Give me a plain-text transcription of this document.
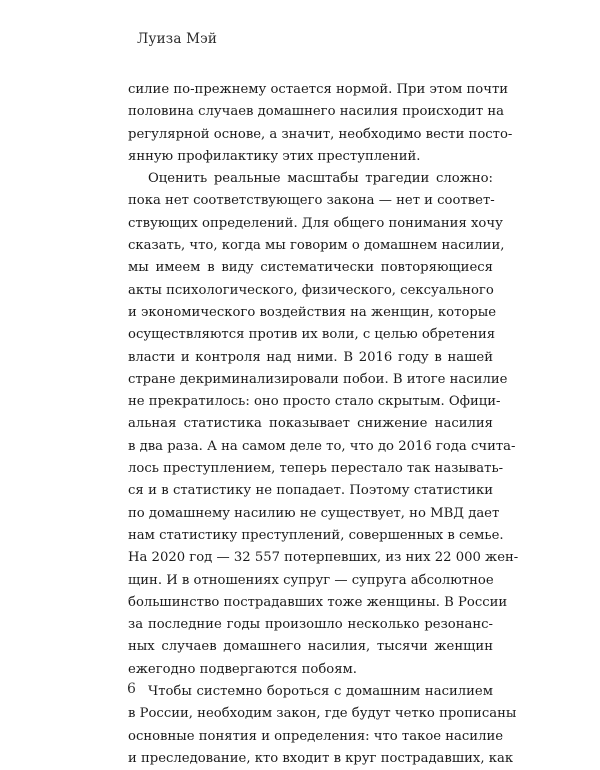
Луиза Мэй

силие по-прежнему остается нормой. При этом почти
половина случаев домашнего насилия происходит на
регулярной основе, а значит, необходимо вести посто-
янную профилактику этих преступлений.
Оценить реальные масштабы трагедии сложно:
пока нет соответствующего закона — нет и соответ-
ствующих определений. Для общего понимания хочу
сказать, что, когда мы говорим о домашнем насилии,
мы имеем в виду систематически повторяющиеся
акты психологического, физического, сексуального
и экономического воздействия на женщин, которые
осуществляются против их воли, с целью обретения
власти и контроля над ними. В 2016 году в нашей
стране декриминализировали побои. В итоге насилие
не прекратилось: оно просто стало скрытым. Офици-
альная статистика показывает снижение насилия
в два раза. А на самом деле то, что до 2016 года счита-
лось преступлением, теперь перестало так называть-
ся и в статистику не попадает. Поэтому статистики
по домашнему насилию не существует, но МВД дает
нам статистику преступлений, совершенных в семье.
На 2020 год — 32 557 потерпевших, из них 22 000 жен-
щин. И в отношениях супруг — супруга абсолютное
большинство пострадавших тоже женщины. В России
за последние годы произошло несколько резонанс-
ных случаев домашнего насилия, тысячи женщин
ежегодно подвергаются побоям.
Чтобы системно бороться с домашним насилием
в России, необходим закон, где будут четко прописаны
основные понятия и определения: что такое насилие
и преследование, кто входит в круг пострадавших, как

6
